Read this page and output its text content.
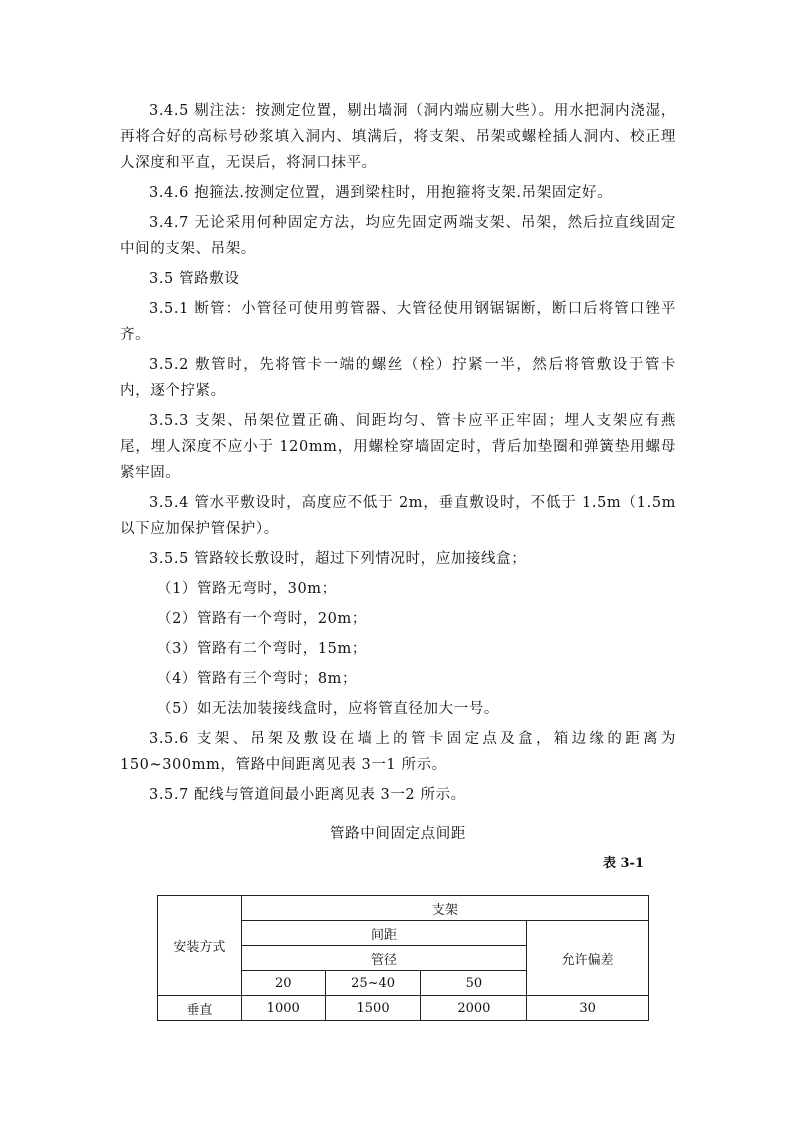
3.4.5 剔注法：按测定位置，剔出墙洞（洞内端应剔大些）。用水把洞内浇湿，再将合好的高标号砂浆填入洞内、填满后，将支架、吊架或螺栓插人洞内、校正理人深度和平直，无误后，将洞口抹平。

3.4.6 抱箍法.按测定位置，遇到梁柱时，用抱箍将支架.吊架固定好。

3.4.7 无论采用何种固定方法，均应先固定两端支架、吊架，然后拉直线固定中间的支架、吊架。

3.5 管路敷设

3.5.1 断管：小管径可使用剪管器、大管径使用钢锯锯断，断口后将管口锉平齐。

3.5.2 敷管时，先将管卡一端的螺丝（栓）拧紧一半，然后将管敷设于管卡内，逐个拧紧。

3.5.3 支架、吊架位置正确、间距均匀、管卡应平正牢固；埋人支架应有燕尾，埋人深度不应小于 120mm，用螺栓穿墙固定时，背后加垫圈和弹簧垫用螺母紧牢固。

3.5.4 管水平敷设时，高度应不低于 2m，垂直敷设时，不低于 1.5m（1.5m 以下应加保护管保护）。

3.5.5 管路较长敷设时，超过下列情况时，应加接线盒；

（1）管路无弯时，30m；
（2）管路有一个弯时，20m；
（3）管路有二个弯时，15m；
（4）管路有三个弯时；8m；
（5）如无法加装接线盒时，应将管直径加大一号。

3.5.6 支架、吊架及敷设在墙上的管卡固定点及盒，箱边缘的距离为 150~300mm，管路中间距离见表 3一1 所示。

3.5.7 配线与管道间最小距离见表 3一2 所示。

管路中间固定点间距
表 3-1
安装方式	支架			
	间距			允许偏差
	管径			
	20	25~40	50	
垂直	1000	1500	2000	30
